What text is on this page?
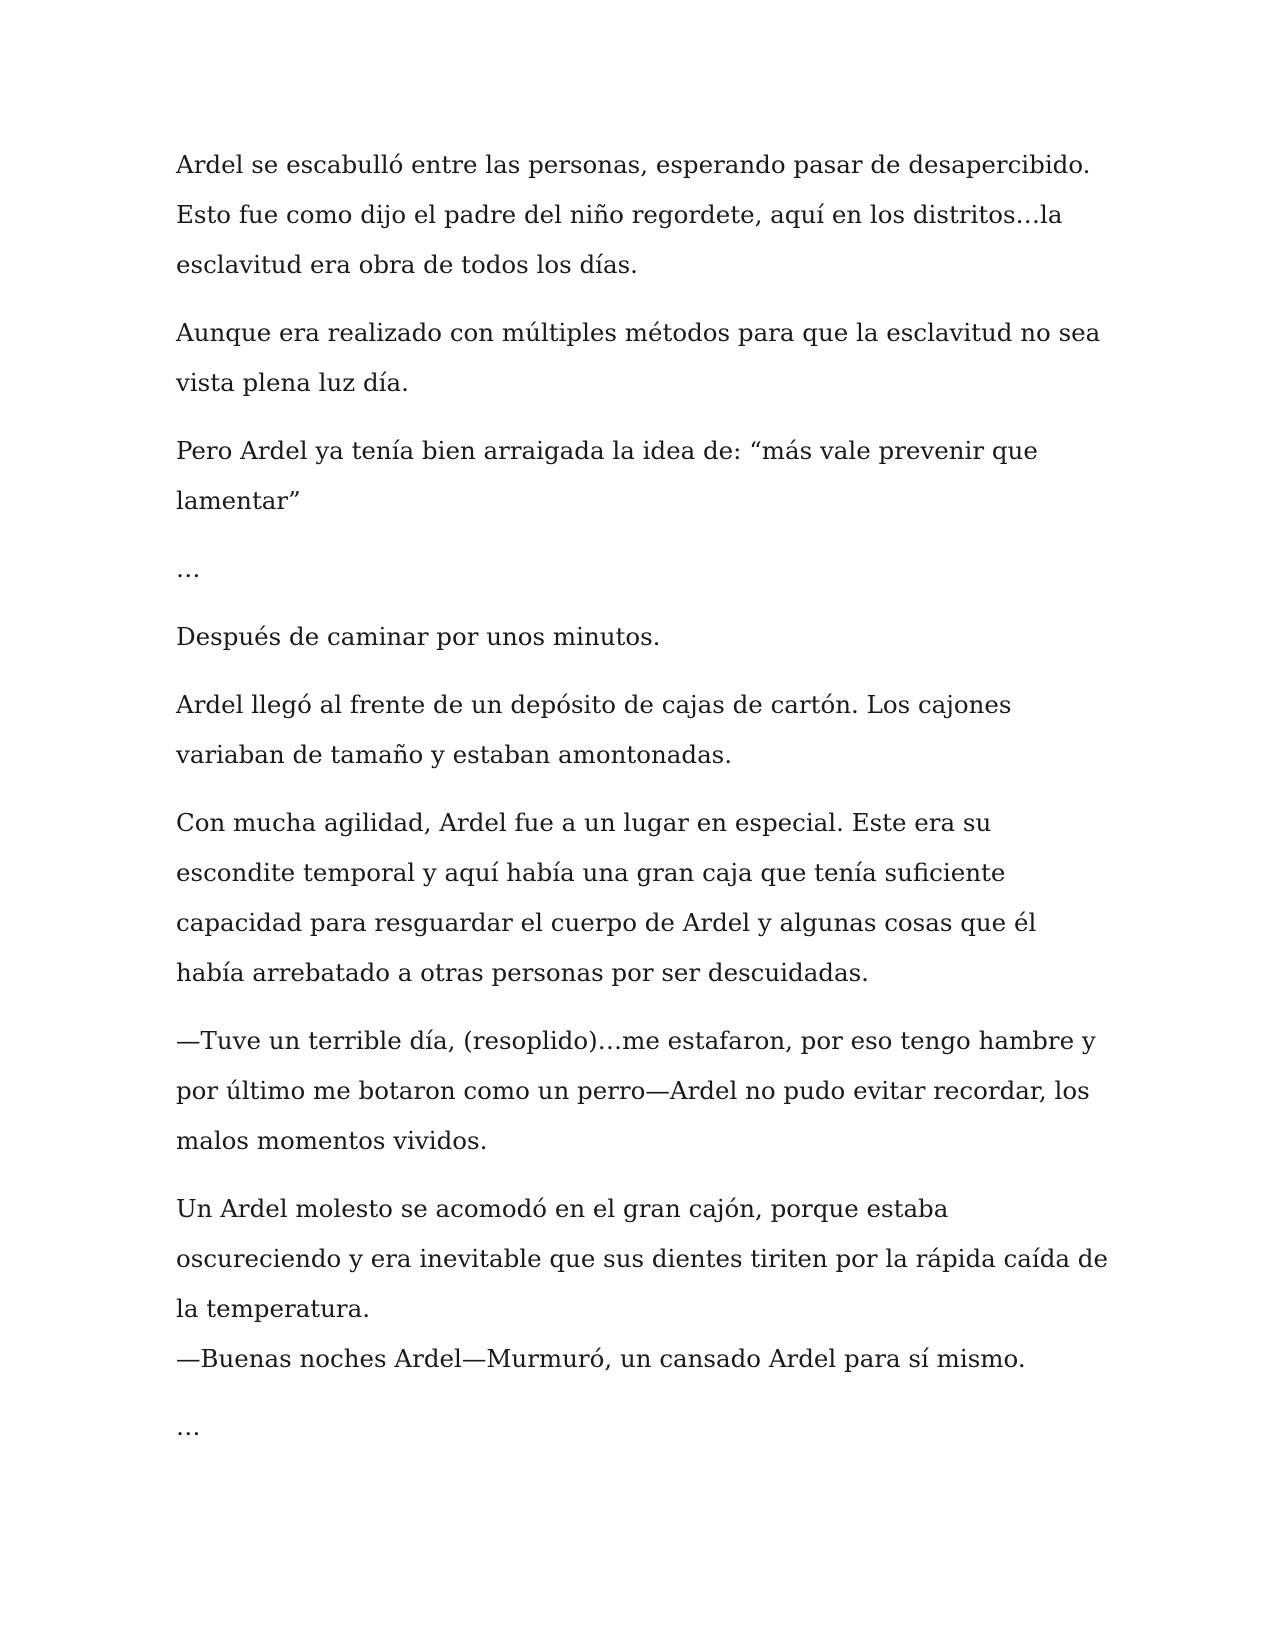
Ardel se escabulló entre las personas, esperando pasar de desapercibido. Esto fue como dijo el padre del niño regordete, aquí en los distritos…la esclavitud era obra de todos los días.

Aunque era realizado con múltiples métodos para que la esclavitud no sea vista plena luz día.

Pero Ardel ya tenía bien arraigada la idea de: “más vale prevenir que lamentar”

…

Después de caminar por unos minutos.

Ardel llegó al frente de un depósito de cajas de cartón. Los cajones variaban de tamaño y estaban amontonadas.

Con mucha agilidad, Ardel fue a un lugar en especial. Este era su escondite temporal y aquí había una gran caja que tenía suficiente capacidad para resguardar el cuerpo de Ardel y algunas cosas que él había arrebatado a otras personas por ser descuidadas.

—Tuve un terrible día, (resoplido)…me estafaron, por eso tengo hambre y por último me botaron como un perro—Ardel no pudo evitar recordar, los malos momentos vividos.

Un Ardel molesto se acomodó en el gran cajón, porque estaba oscureciendo y era inevitable que sus dientes tiriten por la rápida caída de la temperatura.

—Buenas noches Ardel—Murmuró, un cansado Ardel para sí mismo.

…
